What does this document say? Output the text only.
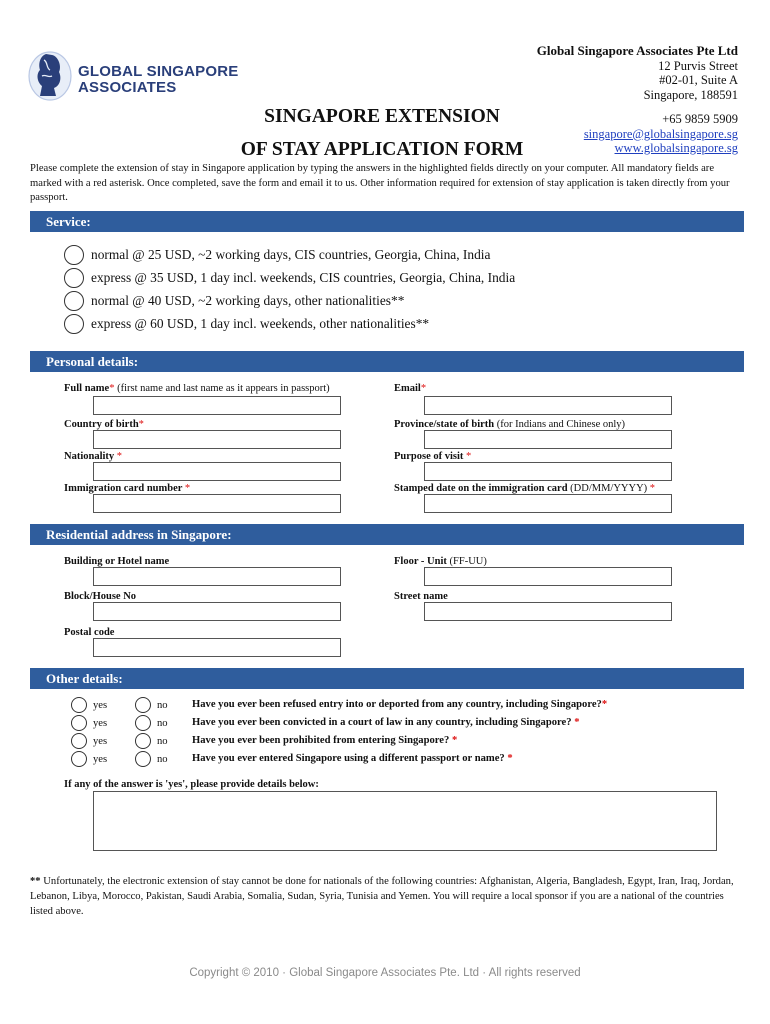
GLOBAL SINGAPORE
ASSOCIATES
Global Singapore Associates Pte Ltd
12 Purvis Street
#02-01, Suite A
Singapore, 188591
+65 9859 5909
singapore@globalsingapore.sg
www.globalsingapore.sg
SINGAPORE EXTENSION
OF STAY APPLICATION FORM
Please complete the extension of stay in Singapore application by typing the answers in the highlighted fields directly on your computer. All mandatory fields are marked with a red asterisk. Once completed, save the form and email it to us. Other information required for extension of stay application is taken directly from your passport.
Service:
normal @ 25 USD, ~2 working days, CIS countries, Georgia, China, India
express @ 35 USD, 1 day incl. weekends, CIS countries, Georgia, China, India
normal @ 40 USD, ~2 working days, other nationalities**
express @ 60 USD, 1 day incl. weekends, other nationalities**
Personal details:
Full name* (first name and last name as it appears in passport)	Email*
Country of birth*	Province/state of birth (for Indians and Chinese only)
Nationality *	Purpose of visit *
Immigration card number *	Stamped date on the immigration card (DD/MM/YYYY) *
Residential address in Singapore:
Building or Hotel name	Floor - Unit (FF-UU)
Block/House No	Street name
Postal code
Other details:
yes	no Have you ever been refused entry into or deported from any country, including Singapore?*
yes	no Have you ever been convicted in a court of law in any country, including Singapore? *
yes	no Have you ever been prohibited from entering Singapore? *
yes	no Have you ever entered Singapore using a different passport or name? *
If any of the answer is 'yes', please provide details below:
** Unfortunately, the electronic extension of stay cannot be done for nationals of the following countries: Afghanistan, Algeria, Bangladesh, Egypt, Iran, Iraq, Jordan, Lebanon, Libya, Morocco, Pakistan, Saudi Arabia, Somalia, Sudan, Syria, Tunisia and Yemen. You will require a local sponsor if you are a national of the countries listed above.
Copyright © 2010 · Global Singapore Associates Pte. Ltd · All rights reserved
